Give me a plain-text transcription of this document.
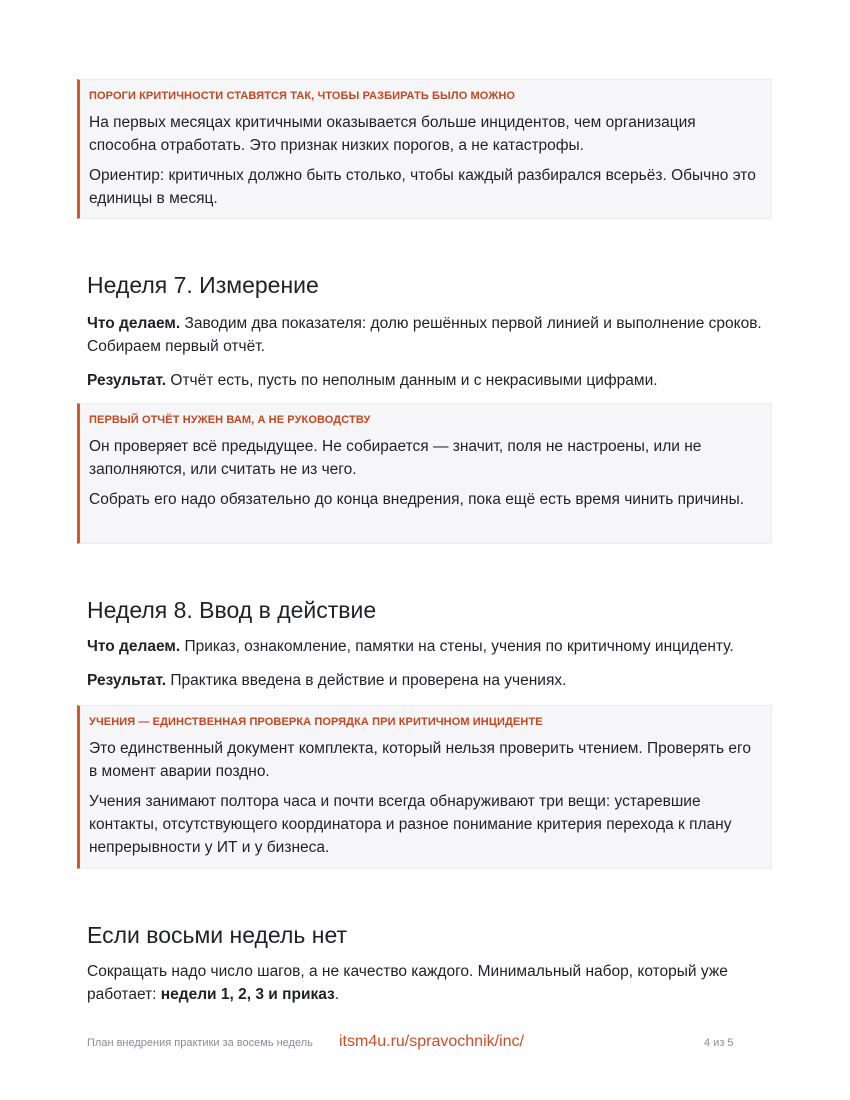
ПОРОГИ КРИТИЧНОСТИ СТАВЯТСЯ ТАК, ЧТОБЫ РАЗБИРАТЬ БЫЛО МОЖНО

На первых месяцах критичными оказывается больше инцидентов, чем организация способна отработать. Это признак низких порогов, а не катастрофы.

Ориентир: критичных должно быть столько, чтобы каждый разбирался всерьёз. Обычно это единицы в месяц.

Неделя 7. Измерение

Что делаем. Заводим два показателя: долю решённых первой линией и выполнение сроков. Собираем первый отчёт.

Результат. Отчёт есть, пусть по неполным данным и с некрасивыми цифрами.

ПЕРВЫЙ ОТЧЁТ НУЖЕН ВАМ, А НЕ РУКОВОДСТВУ

Он проверяет всё предыдущее. Не собирается — значит, поля не настроены, или не заполняются, или считать не из чего.

Собрать его надо обязательно до конца внедрения, пока ещё есть время чинить причины.

Неделя 8. Ввод в действие

Что делаем. Приказ, ознакомление, памятки на стены, учения по критичному инциденту.

Результат. Практика введена в действие и проверена на учениях.

УЧЕНИЯ — ЕДИНСТВЕННАЯ ПРОВЕРКА ПОРЯДКА ПРИ КРИТИЧНОМ ИНЦИДЕНТЕ

Это единственный документ комплекта, который нельзя проверить чтением. Проверять его в момент аварии поздно.

Учения занимают полтора часа и почти всегда обнаруживают три вещи: устаревшие контакты, отсутствующего координатора и разное понимание критерия перехода к плану непрерывности у ИТ и у бизнеса.

Если восьми недель нет

Сокращать надо число шагов, а не качество каждого. Минимальный набор, который уже работает: недели 1, 2, 3 и приказ.

План внедрения практики за восемь недель itsm4u.ru/spravochnik/inc/	4 из 5
